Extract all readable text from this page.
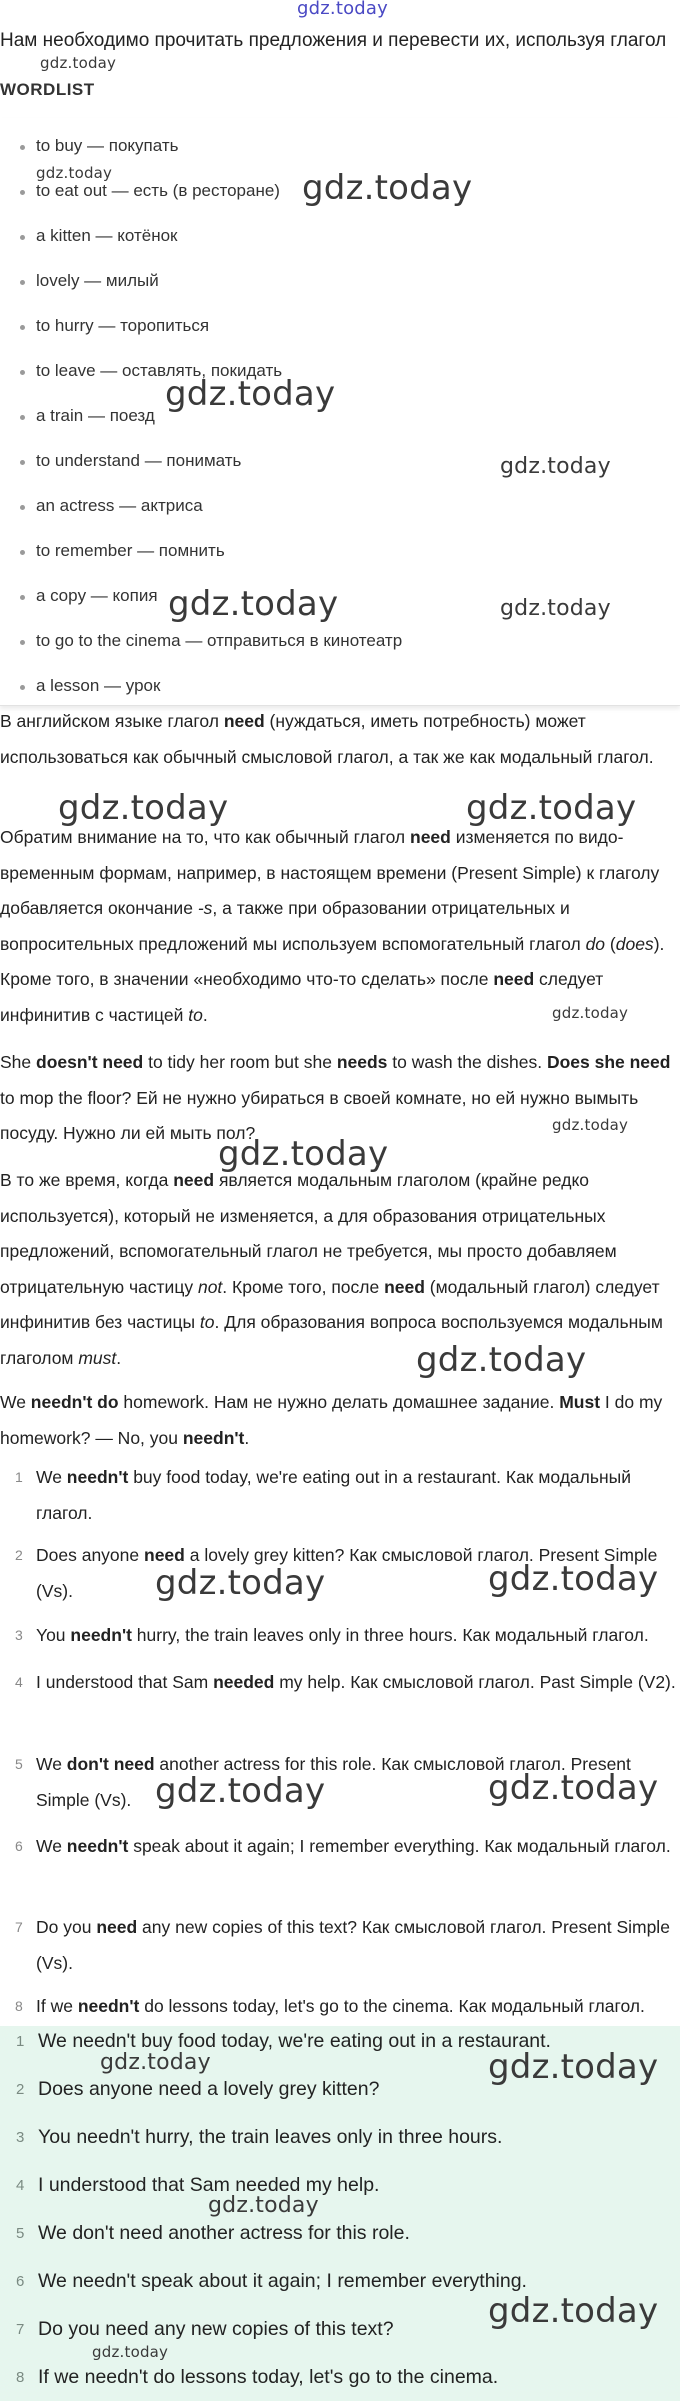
gdz.today
Нам необходимо прочитать предложения и перевести их, используя глагол
gdz.today
WORDLIST
to buy — покупать
to eat out — есть (в ресторане)
a kitten — котёнок
lovely — милый
to hurry — торопиться
to leave — оставлять, покидать
a train — поезд
to understand — понимать
an actress — актриса
to remember — помнить
a copy — копия
to go to the cinema — отправиться в кинотеатр
a lesson — урок
gdz.today	gdz.today
gdz.today
gdz.today
gdz.today	gdz.today
В английском языке глагол need (нуждаться, иметь потребность) может использоваться как обычный смысловой глагол, а так же как модальный глагол.
Обратим внимание на то, что как обычный глагол need изменяется по видо-временным формам, например, в настоящем времени (Present Simple) к глаголу добавляется окончание -s, а также при образовании отрицательных и вопросительных предложений мы используем вспомогательный глагол do (does). Кроме того, в значении «необходимо что-то сделать» после need следует инфинитив с частицей to.
She doesn't need to tidy her room but she needs to wash the dishes. Does she need to mop the floor? Ей не нужно убираться в своей комнате, но ей нужно вымыть посуду. Нужно ли ей мыть пол?
В то же время, когда need является модальным глаголом (крайне редко используется), который не изменяется, а для образования отрицательных предложений, вспомогательный глагол не требуется, мы просто добавляем отрицательную частицу not. Кроме того, после need (модальный глагол) следует инфинитив без частицы to. Для образования вопроса воспользуемся модальным глаголом must.
We needn't do homework. Нам не нужно делать домашнее задание. Must I do my homework? — No, you needn't.
gdz.today	gdz.today
gdz.today
gdz.today
gdz.today
gdz.today
1 We needn't buy food today, we're eating out in a restaurant. Как модальный глагол.
2 Does anyone need a lovely grey kitten? Как смысловой глагол. Present Simple (Vs).
3 You needn't hurry, the train leaves only in three hours. Как модальный глагол.
4 I understood that Sam needed my help. Как смысловой глагол. Past Simple (V2).
5 We don't need another actress for this role. Как смысловой глагол. Present Simple (Vs).
6 We needn't speak about it again; I remember everything. Как модальный глагол.
7 Do you need any new copies of this text? Как смысловой глагол. Present Simple (Vs).
8 If we needn't do lessons today, let's go to the cinema. Как модальный глагол.
gdz.today	gdz.today
gdz.today	gdz.today
1 We needn't buy food today, we're eating out in a restaurant.
2 Does anyone need a lovely grey kitten?
3 You needn't hurry, the train leaves only in three hours.
4 I understood that Sam needed my help.
5 We don't need another actress for this role.
6 We needn't speak about it again; I remember everything.
7 Do you need any new copies of this text?
8 If we needn't do lessons today, let's go to the cinema.
gdz.today	gdz.today
gdz.today
gdz.today
gdz.today
